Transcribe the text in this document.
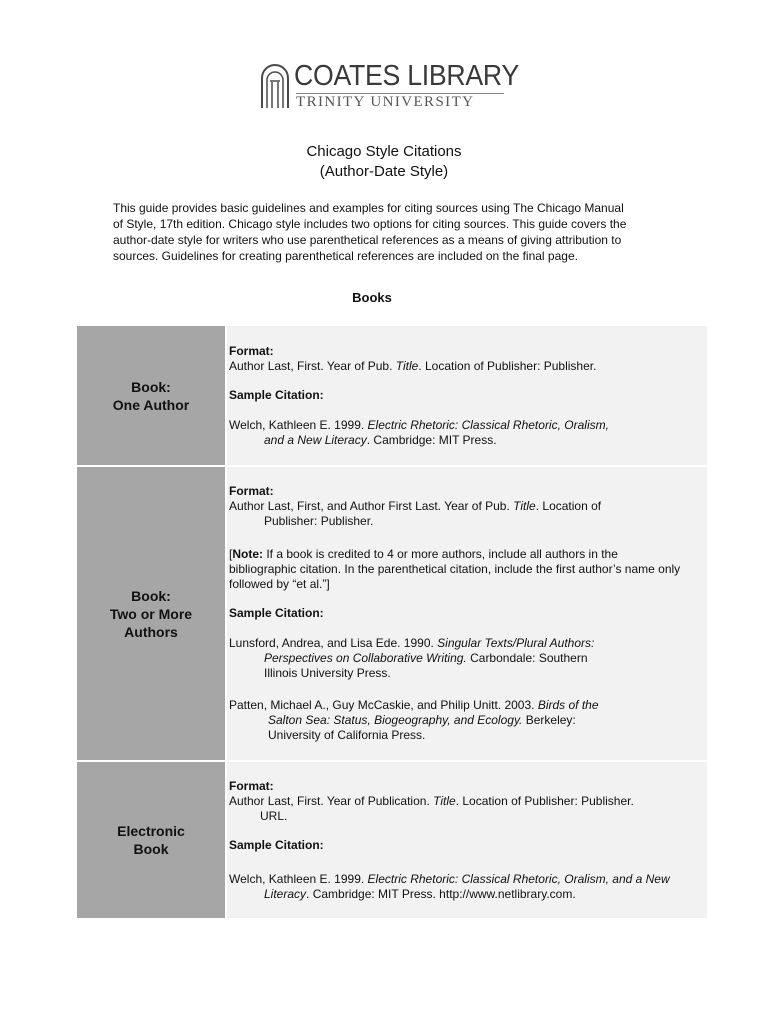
COATES LIBRARY
TRINITY UNIVERSITY
Chicago Style Citations
(Author-Date Style)
This guide provides basic guidelines and examples for citing sources using The Chicago Manual
of Style, 17th edition. Chicago style includes two options for citing sources. This guide covers the
author-date style for writers who use parenthetical references as a means of giving attribution to
sources. Guidelines for creating parenthetical references are included on the final page.
Books
Book:
One Author
Format:
Author Last, First. Year of Pub. Title. Location of Publisher: Publisher.
Sample Citation:
Welch, Kathleen E. 1999. Electric Rhetoric: Classical Rhetoric, Oralism,
and a New Literacy. Cambridge: MIT Press.
Book:
Two or More
Authors
Format:
Author Last, First, and Author First Last. Year of Pub. Title. Location of
Publisher: Publisher.
[Note: If a book is credited to 4 or more authors, include all authors in the
bibliographic citation. In the parenthetical citation, include the first author’s name only
followed by “et al.”]
Sample Citation:
Lunsford, Andrea, and Lisa Ede. 1990. Singular Texts/Plural Authors:
Perspectives on Collaborative Writing. Carbondale: Southern
Illinois University Press.
Patten, Michael A., Guy McCaskie, and Philip Unitt. 2003. Birds of the
Salton Sea: Status, Biogeography, and Ecology. Berkeley:
University of California Press.
Electronic
Book
Format:
Author Last, First. Year of Publication. Title. Location of Publisher: Publisher.
URL.
Sample Citation:
Welch, Kathleen E. 1999. Electric Rhetoric: Classical Rhetoric, Oralism, and a New
Literacy. Cambridge: MIT Press. http://www.netlibrary.com.
